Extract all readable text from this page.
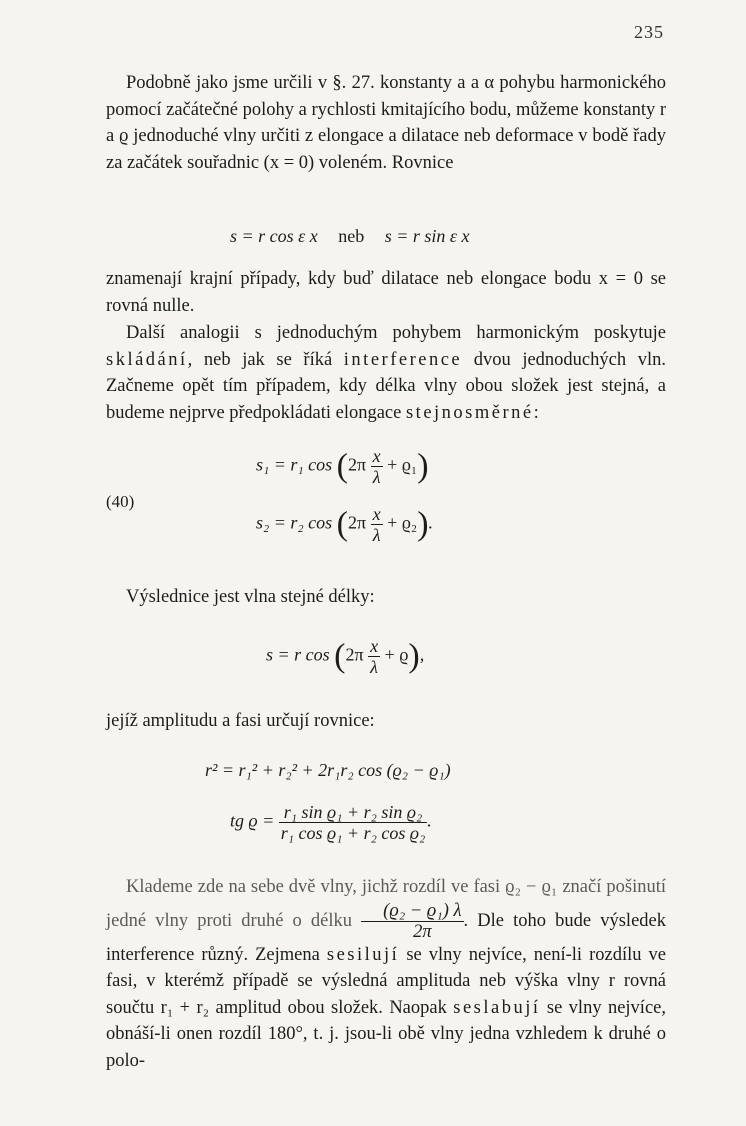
235

Podobně jako jsme určili v §. 27. konstanty a a α pohybu harmonického pomocí začátečné polohy a rychlosti kmitajícího bodu, můžeme konstanty r a ϱ jednoduché vlny určiti z elongace a dilatace neb deformace v bodě řady za začátek souřadnic (x = 0) voleném. Rovnice

s = r cos ε x neb s = r sin ε x

znamenají krajní případy, kdy buď dilatace neb elongace bodu x = 0 se rovná nulle.

Další analogii s jednoduchým pohybem harmonickým poskytuje skládání, neb jak se říká interference dvou jednoduchých vln. Začneme opět tím případem, kdy délka vlny obou složek jest stejná, a budeme nejprve předpokládati elongace stejnosměrné:

(40)
s₁ = r₁ $\cos (2\pi \frac{x}{\lambda} + ϱ_1)$
s₂ = r₂ $\cos (2\pi \frac{x}{\lambda} + ϱ_2)$.

Výslednice jest vlna stejné délky:

s = r $\cos (2\pi \frac{x}{\lambda} + ϱ)$,

jejíž amplitudu a fasi určují rovnice:

r² = r₁² + r₂² + 2r₁r₂ cos (ϱ₂ − ϱ₁)
tg $ϱ = \frac{\text{r₁ sin ϱ₁ + r₂ sin ϱ₂}}{\text{r₁ cos ϱ₁ + r₂ cos ϱ₂}}$ .

Klademe zde na sebe dvě vlny, jichž rozdíl ve fasi ϱ₂ − ϱ₁ značí pošinutí jedné vlny proti druhé o délku $\frac{\text{(ϱ₂ − ϱ₁) λ}}{2\pi}$ . Dle toho bude výsledek interference různý. Zejmena sesilují se vlny nejvíce, není-li rozdílu ve fasi, v kterémž případě se výsledná amplituda neb výška vlny r rovná součtu r₁ + r₂ amplitud obou složek. Naopak seslabují se vlny nejvíce, obnáší-li onen rozdíl 180°, t. j. jsou-li obě vlny jedna vzhledem k druhé o polo-
